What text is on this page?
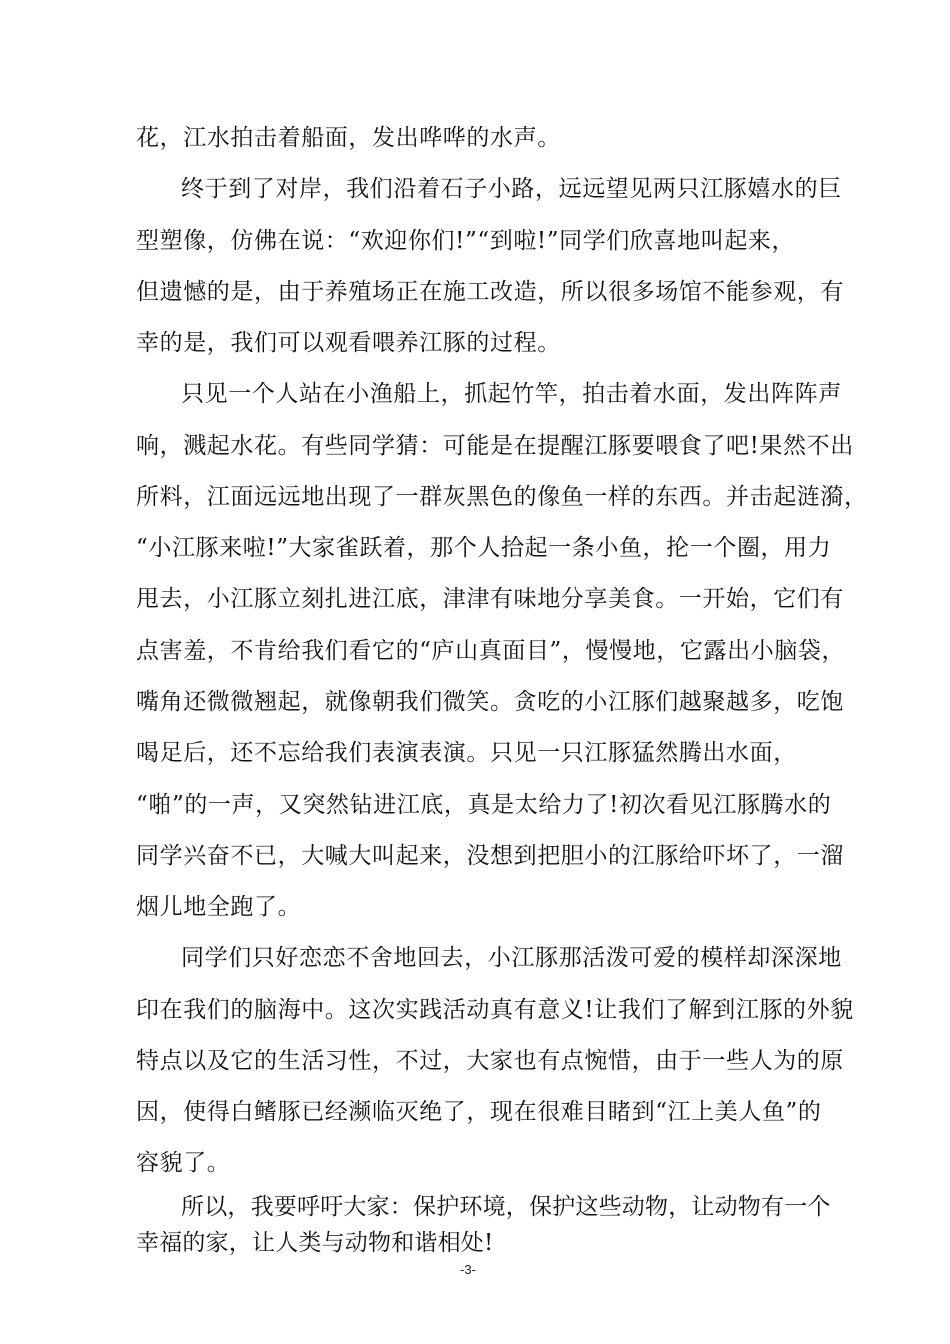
花，江水拍击着船面，发出哗哗的水声。
终于到了对岸，我们沿着石子小路，远远望见两只江豚嬉水的巨
型塑像，仿佛在说：“欢迎你们!”“到啦!”同学们欣喜地叫起来，
但遗憾的是，由于养殖场正在施工改造，所以很多场馆不能参观，有
幸的是，我们可以观看喂养江豚的过程。
只见一个人站在小渔船上，抓起竹竿，拍击着水面，发出阵阵声
响，溅起水花。有些同学猜：可能是在提醒江豚要喂食了吧!果然不出
所料，江面远远地出现了一群灰黑色的像鱼一样的东西。并击起涟漪，
“小江豚来啦!”大家雀跃着，那个人拾起一条小鱼，抡一个圈，用力
甩去，小江豚立刻扎进江底，津津有味地分享美食。一开始，它们有
点害羞，不肯给我们看它的“庐山真面目”，慢慢地，它露出小脑袋，
嘴角还微微翘起，就像朝我们微笑。贪吃的小江豚们越聚越多，吃饱
喝足后，还不忘给我们表演表演。只见一只江豚猛然腾出水面，
“啪”的一声，又突然钻进江底，真是太给力了!初次看见江豚腾水的
同学兴奋不已，大喊大叫起来，没想到把胆小的江豚给吓坏了，一溜
烟儿地全跑了。
同学们只好恋恋不舍地回去，小江豚那活泼可爱的模样却深深地
印在我们的脑海中。这次实践活动真有意义!让我们了解到江豚的外貌
特点以及它的生活习性，不过，大家也有点惋惜，由于一些人为的原
因，使得白鳍豚已经濒临灭绝了，现在很难目睹到“江上美人鱼”的
容貌了。
所以，我要呼吁大家：保护环境，保护这些动物，让动物有一个
幸福的家，让人类与动物和谐相处!
-3-
